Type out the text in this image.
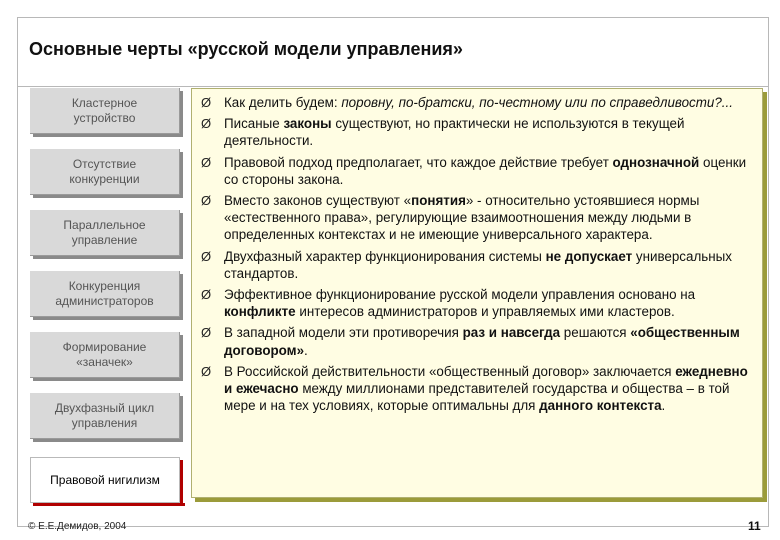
Основные черты «русской модели управления»
Кластерное
устройство
Отсутствие
конкуренции
Параллельное
управление
Конкуренция
администраторов
Формирование
«заначек»
Двухфазный цикл
управления
Правовой нигилизм
Ø Как делить будем: поровну, по-братски, по-честному или по справедливости?...
Ø Писаные законы существуют, но практически не используются в текущей деятельности.
Ø Правовой подход предполагает, что каждое действие требует однозначной оценки со стороны закона.
Ø Вместо законов существуют «понятия» - относительно устоявшиеся нормы «естественного права», регулирующие взаимоотношения между людьми в определенных контекстах и не имеющие универсального характера.
Ø Двухфазный характер функционирования системы не допускает универсальных стандартов.
Ø Эффективное функционирование русской модели управления основано на конфликте интересов администраторов и управляемых ими кластеров.
Ø В западной модели эти противоречия раз и навсегда решаются «общественным договором».
Ø В Российской действительности «общественный договор» заключается ежедневно и ежечасно между миллионами представителей государства и общества – в той мере и на тех условиях, которые оптимальны для данного контекста.
© Е.Е.Демидов, 2004	11
